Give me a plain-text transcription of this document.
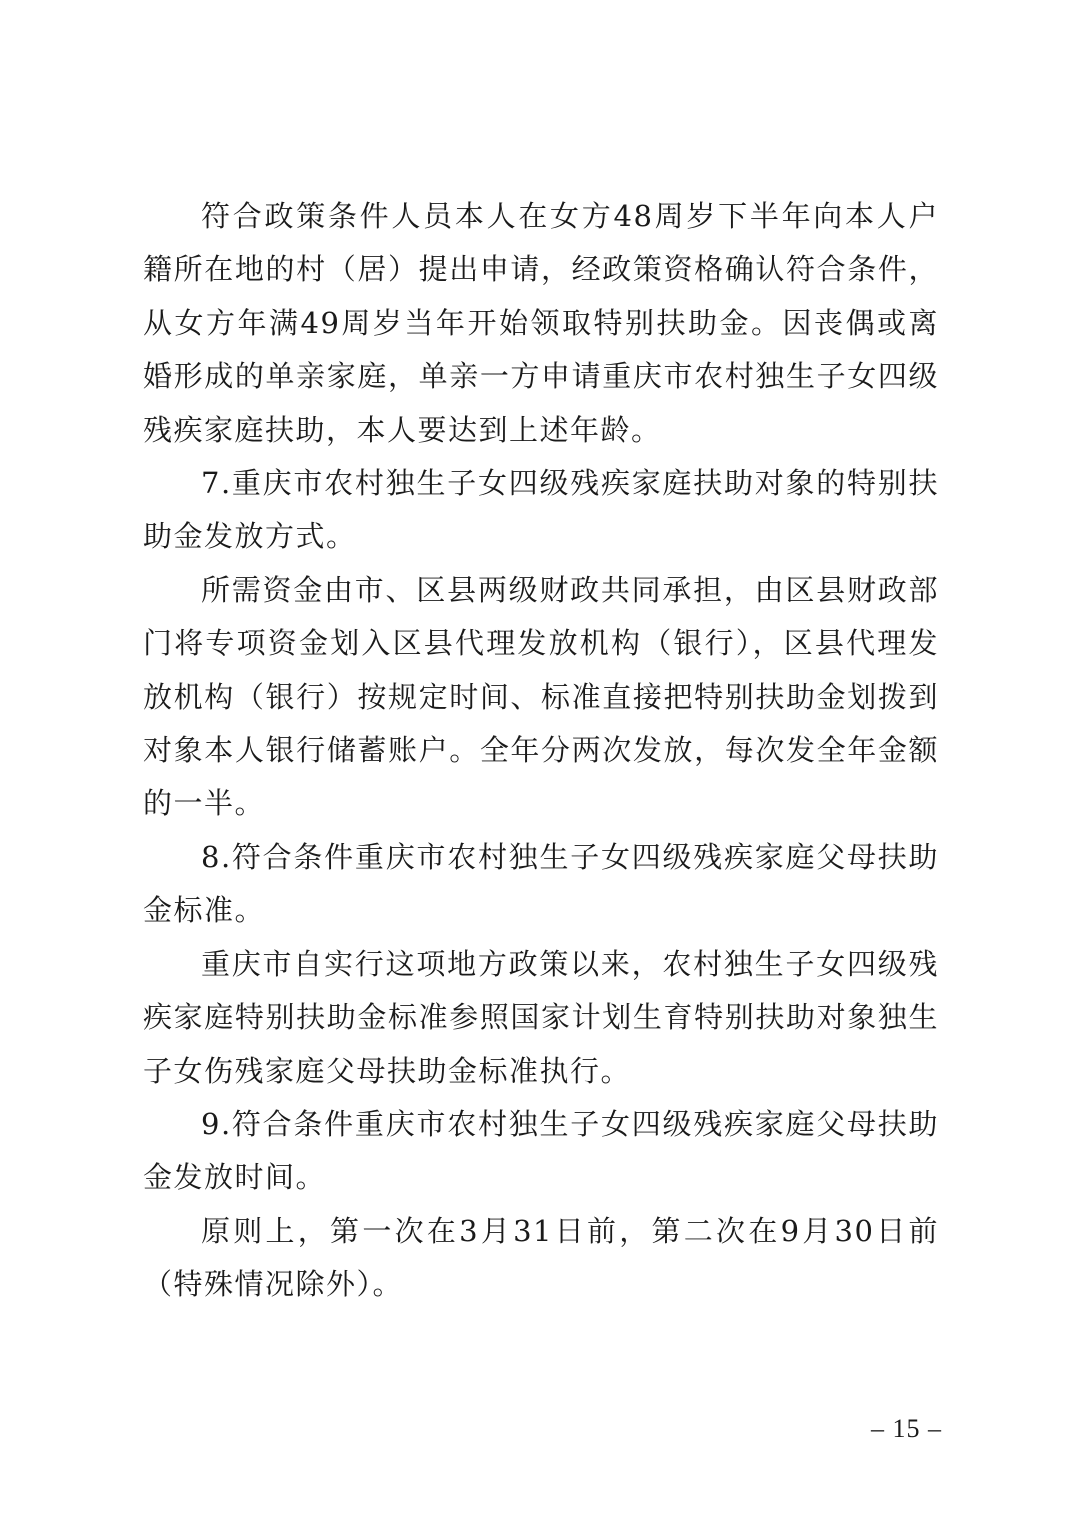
符合政策条件人员本人在女方48周岁下半年向本人户籍所在地的村（居）提出申请，经政策资格确认符合条件，从女方年满49周岁当年开始领取特别扶助金。因丧偶或离婚形成的单亲家庭，单亲一方申请重庆市农村独生子女四级残疾家庭扶助，本人要达到上述年龄。

7.重庆市农村独生子女四级残疾家庭扶助对象的特别扶助金发放方式。

所需资金由市、区县两级财政共同承担，由区县财政部门将专项资金划入区县代理发放机构（银行），区县代理发放机构（银行）按规定时间、标准直接把特别扶助金划拨到对象本人银行储蓄账户。全年分两次发放，每次发全年金额的一半。

8.符合条件重庆市农村独生子女四级残疾家庭父母扶助金标准。

重庆市自实行这项地方政策以来，农村独生子女四级残疾家庭特别扶助金标准参照国家计划生育特别扶助对象独生子女伤残家庭父母扶助金标准执行。

9.符合条件重庆市农村独生子女四级残疾家庭父母扶助金发放时间。

原则上，第一次在3月31日前，第二次在9月30日前（特殊情况除外）。

– 15 –
